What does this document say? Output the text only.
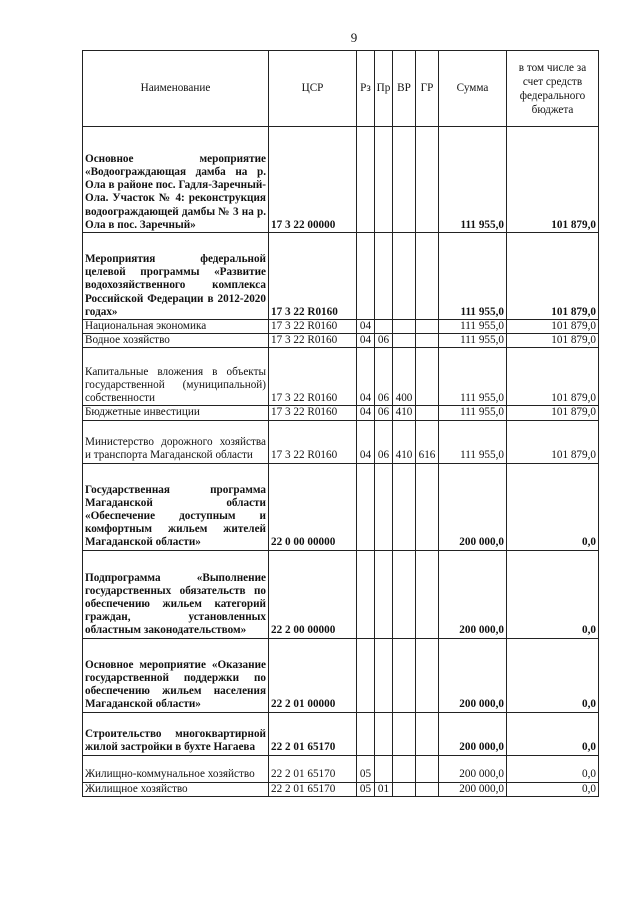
9
Наименование	ЦСР	Рз	Пр	ВР	ГР	Сумма	в том числе за счет средств федерального бюджета
Основное мероприятие «Водоограждающая дамба на р. Ола в районе пос. Гадля-Заречный-Ола. Участок № 4: реконструкция водоограждающей дамбы № 3 на р. Ола в пос. Заречный»	17 3 22 00000					111 955,0	101 879,0
Мероприятия федеральной целевой программы «Развитие водохозяйственного комплекса Российской Федерации в 2012-2020 годах»	17 3 22 R0160					111 955,0	101 879,0
Национальная экономика	17 3 22 R0160	04				111 955,0	101 879,0
Водное хозяйство	17 3 22 R0160	04	06			111 955,0	101 879,0
Капитальные вложения в объекты государственной (муниципальной) собственности	17 3 22 R0160	04	06	400		111 955,0	101 879,0
Бюджетные инвестиции	17 3 22 R0160	04	06	410		111 955,0	101 879,0
Министерство дорожного хозяйства и транспорта Магаданской области	17 3 22 R0160	04	06	410	616	111 955,0	101 879,0
Государственная программа Магаданской области «Обеспечение доступным и комфортным жильем жителей Магаданской области»	22 0 00 00000					200 000,0	0,0
Подпрограмма «Выполнение государственных обязательств по обеспечению жильем категорий граждан, установленных областным законодательством»	22 2 00 00000					200 000,0	0,0
Основное мероприятие «Оказание государственной поддержки по обеспечению жильем населения Магаданской области»	22 2 01 00000					200 000,0	0,0
Строительство многоквартирной жилой застройки в бухте Нагаева	22 2 01 65170					200 000,0	0,0
Жилищно-коммунальное хозяйство	22 2 01 65170	05				200 000,0	0,0
Жилищное хозяйство	22 2 01 65170	05	01			200 000,0	0,0
